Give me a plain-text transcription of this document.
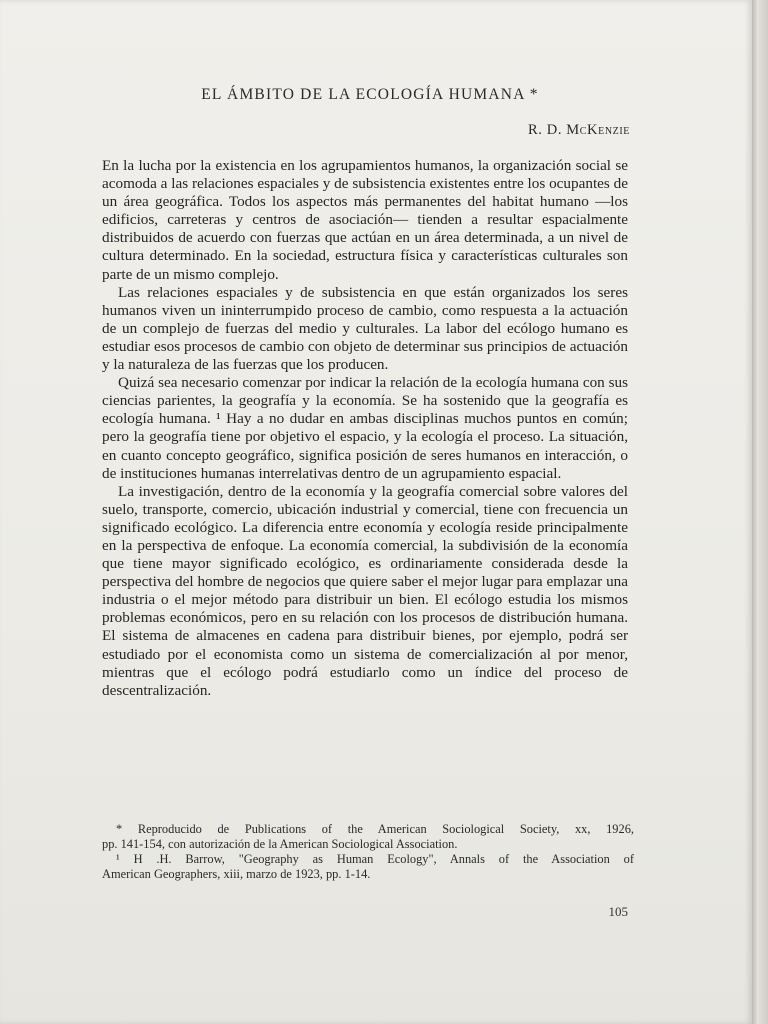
EL ÁMBITO DE LA ECOLOGÍA HUMANA *
R. D. McKenzie

En la lucha por la existencia en los agrupamientos humanos, la organización social se acomoda a las relaciones espaciales y de subsistencia existentes entre los ocupantes de un área geográfica. Todos los aspectos más permanentes del habitat humano —los edificios, carreteras y centros de asociación— tienden a resultar espacialmente distribuidos de acuerdo con fuerzas que actúan en un área determinada, a un nivel de cultura determinado. En la sociedad, estructura física y características culturales son parte de un mismo complejo.

Las relaciones espaciales y de subsistencia en que están organizados los seres humanos viven un ininterrumpido proceso de cambio, como respuesta a la actuación de un complejo de fuerzas del medio y culturales. La labor del ecólogo humano es estudiar esos procesos de cambio con objeto de determinar sus principios de actuación y la naturaleza de las fuerzas que los producen.

Quizá sea necesario comenzar por indicar la relación de la ecología humana con sus ciencias parientes, la geografía y la economía. Se ha sostenido que la geografía es ecología humana. ¹ Hay a no dudar en ambas disciplinas muchos puntos en común; pero la geografía tiene por objetivo el espacio, y la ecología el proceso. La situación, en cuanto concepto geográfico, significa posición de seres humanos en interacción, o de instituciones humanas interrelativas dentro de un agrupamiento espacial.

La investigación, dentro de la economía y la geografía comercial sobre valores del suelo, transporte, comercio, ubicación industrial y comercial, tiene con frecuencia un significado ecológico. La diferencia entre economía y ecología reside principalmente en la perspectiva de enfoque. La economía comercial, la subdivisión de la economía que tiene mayor significado ecológico, es ordinariamente considerada desde la perspectiva del hombre de negocios que quiere saber el mejor lugar para emplazar una industria o el mejor método para distribuir un bien. El ecólogo estudia los mismos problemas económicos, pero en su relación con los procesos de distribución humana. El sistema de almacenes en cadena para distribuir bienes, por ejemplo, podrá ser estudiado por el economista como un sistema de comercialización al por menor, mientras que el ecólogo podrá estudiarlo como un índice del proceso de descentralización.

* Reproducido de Publications of the American Sociological Society, xx, 1926,
pp. 141-154, con autorización de la American Sociological Association.
¹ H .H. Barrow, "Geography as Human Ecology", Annals of the Association of
American Geographers, xiii, marzo de 1923, pp. 1-14.
105
